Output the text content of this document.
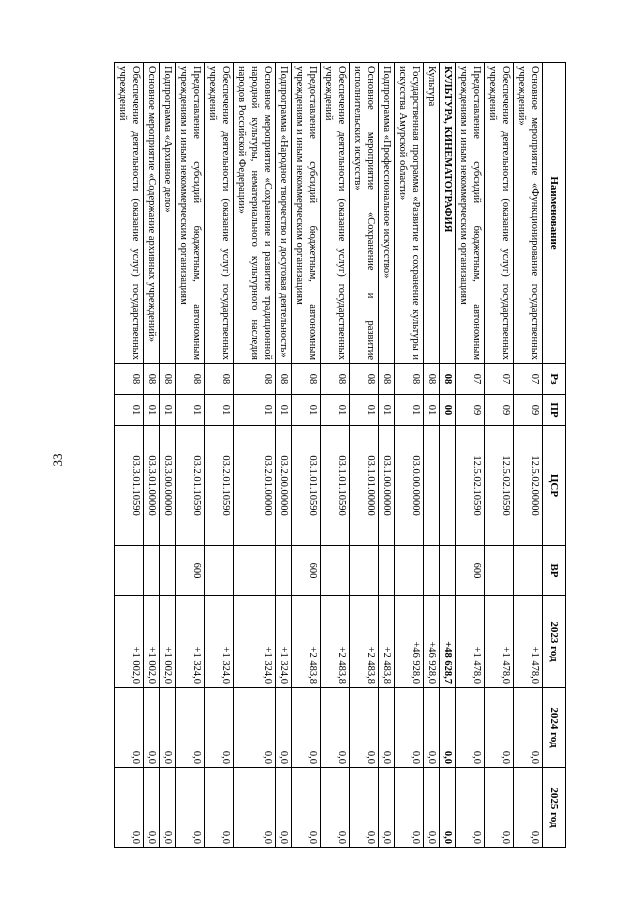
33
Наименование	Рз	ПР	ЦСР	ВР	2023 год	2024 год	2025 год
Основное мероприятие «Функционирование государственных учреждений»	07	09	12.5.02.00000		+1 478,0	0,0	0,0
Обеспечение деятельности (оказание услуг) государственных учреждений	07	09	12.5.02.10590		+1 478,0	0,0	0,0
Предоставление субсидий бюджетным, автономным учреждениям и иным некоммерческим организациям	07	09	12.5.02.10590	600	+1 478,0	0,0	0,0
КУЛЬТУРА, КИНЕМАТОГРАФИЯ	08	00			+48 628,7	0,0	0,0
Культура	08	01			+46 928,0	0,0	0,0
Государственная программа «Развитие и сохранение культуры и искусства Амурской области»	08	01	03.0.00.00000		+46 928,0	0,0	0,0
Подпрограмма «Профессиональное искусство»	08	01	03.1.00.00000		+2 483,8	0,0	0,0
Основное мероприятие «Сохранение и развитие исполнительских искусств»	08	01	03.1.01.00000		+2 483,8	0,0	0,0
Обеспечение деятельности (оказание услуг) государственных учреждений	08	01	03.1.01.10590		+2 483,8	0,0	0,0
Предоставление субсидий бюджетным, автономным учреждениям и иным некоммерческим организациям	08	01	03.1.01.10590	600	+2 483,8	0,0	0,0
Подпрограмма «Народное творчество и досуговая деятельность»	08	01	03.2.00.00000		+1 324,0	0,0	0,0
Основное мероприятие «Сохранение и развитие традиционной народной культуры, нематериального культурного наследия народов Российской Федерации»	08	01	03.2.01.00000		+1 324,0	0,0	0,0
Обеспечение деятельности (оказание услуг) государственных учреждений	08	01	03.2.01.10590		+1 324,0	0,0	0,0
Предоставление субсидий бюджетным, автономным учреждениям и иным некоммерческим организациям	08	01	03.2.01.10590	600	+1 324,0	0,0	0,0
Подпрограмма «Архивное дело»	08	01	03.3.00.00000		+1 002,0	0,0	0,0
Основное мероприятие «Содержание архивных учреждений»	08	01	03.3.01.00000		+1 002,0	0,0	0,0
Обеспечение деятельности (оказание услуг) государственных учреждений	08	01	03.3.01.10590		+1 002,0	0,0	0,0
